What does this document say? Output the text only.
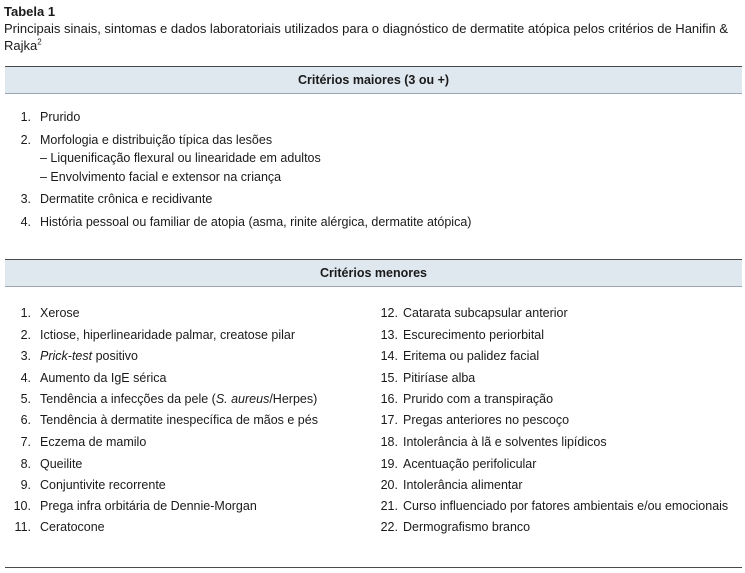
Tabela 1
Principais sinais, sintomas e dados laboratoriais utilizados para o diagnóstico de dermatite atópica pelos critérios de Hanifin & Rajka$^2$
Critérios maiores (3 ou +)
1. Prurido
2. Morfologia e distribuição típica das lesões
– Liquenificação flexural ou linearidade em adultos
– Envolvimento facial e extensor na criança
3. Dermatite crônica e recidivante
4. História pessoal ou familiar de atopia (asma, rinite alérgica, dermatite atópica)
Critérios menores
1. Xerose
2. Ictiose, hiperlinearidade palmar, creatose pilar
3. Prick-test positivo
4. Aumento da IgE sérica
5. Tendência a infecções da pele (S. aureus/Herpes)
6. Tendência à dermatite inespecífica de mãos e pés
7. Eczema de mamilo
8. Queilite
9. Conjuntivite recorrente
10. Prega infra orbitária de Dennie-Morgan
11. Ceratocone
12. Catarata subcapsular anterior
13. Escurecimento periorbital
14. Eritema ou palidez facial
15. Pitiríase alba
16. Prurido com a transpiração
17. Pregas anteriores no pescoço
18. Intolerância à lã e solventes lipídicos
19. Acentuação perifolicular
20. Intolerância alimentar
21. Curso influenciado por fatores ambientais e/ou emocionais
22. Dermografismo branco
